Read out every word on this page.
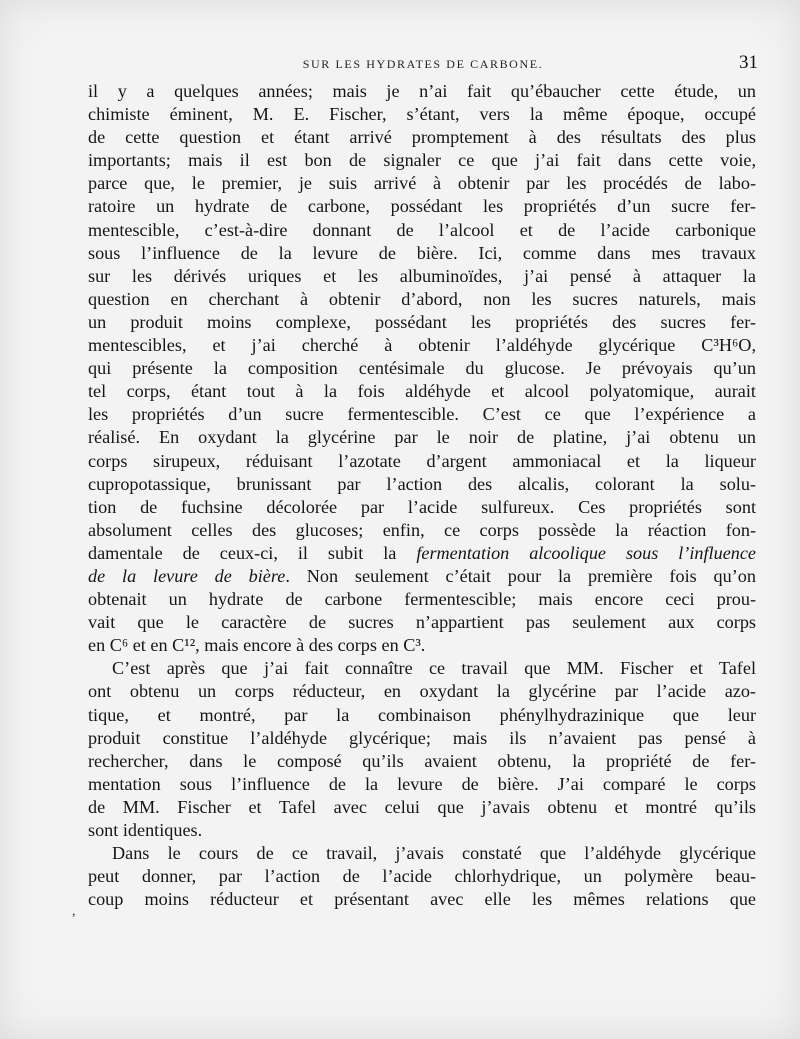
SUR LES HYDRATES DE CARBONE.	31
il y a quelques années; mais je n’ai fait qu’ébaucher cette étude, un
chimiste éminent, M. E. Fischer, s’étant, vers la même époque, occupé
de cette question et étant arrivé promptement à des résultats des plus
importants; mais il est bon de signaler ce que j’ai fait dans cette voie,
parce que, le premier, je suis arrivé à obtenir par les procédés de labo-
ratoire un hydrate de carbone, possédant les propriétés d’un sucre fer-
mentescible, c’est-à-dire donnant de l’alcool et de l’acide carbonique
sous l’influence de la levure de bière. Ici, comme dans mes travaux
sur les dérivés uriques et les albuminoïdes, j’ai pensé à attaquer la
question en cherchant à obtenir d’abord, non les sucres naturels, mais
un produit moins complexe, possédant les propriétés des sucres fer-
mentescibles, et j’ai cherché à obtenir l’aldéhyde glycérique C³H⁶O,
qui présente la composition centésimale du glucose. Je prévoyais qu’un
tel corps, étant tout à la fois aldéhyde et alcool polyatomique, aurait
les propriétés d’un sucre fermentescible. C’est ce que l’expérience a
réalisé. En oxydant la glycérine par le noir de platine, j’ai obtenu un
corps sirupeux, réduisant l’azotate d’argent ammoniacal et la liqueur
cupropotassique, brunissant par l’action des alcalis, colorant la solu-
tion de fuchsine décolorée par l’acide sulfureux. Ces propriétés sont
absolument celles des glucoses; enfin, ce corps possède la réaction fon-
damentale de ceux-ci, il subit la fermentation alcoolique sous l’influence
de la levure de bière. Non seulement c’était pour la première fois qu’on
obtenait un hydrate de carbone fermentescible; mais encore ceci prou-
vait que le caractère de sucres n’appartient pas seulement aux corps
en C⁶ et en C¹², mais encore à des corps en C³.
C’est après que j’ai fait connaître ce travail que MM. Fischer et Tafel
ont obtenu un corps réducteur, en oxydant la glycérine par l’acide azo-
tique, et montré, par la combinaison phénylhydrazinique que leur
produit constitue l’aldéhyde glycérique; mais ils n’avaient pas pensé à
rechercher, dans le composé qu’ils avaient obtenu, la propriété de fer-
mentation sous l’influence de la levure de bière. J’ai comparé le corps
de MM. Fischer et Tafel avec celui que j’avais obtenu et montré qu’ils
sont identiques.
Dans le cours de ce travail, j’avais constaté que l’aldéhyde glycérique
peut donner, par l’action de l’acide chlorhydrique, un polymère beau-
coup moins réducteur et présentant avec elle les mêmes relations que
,
